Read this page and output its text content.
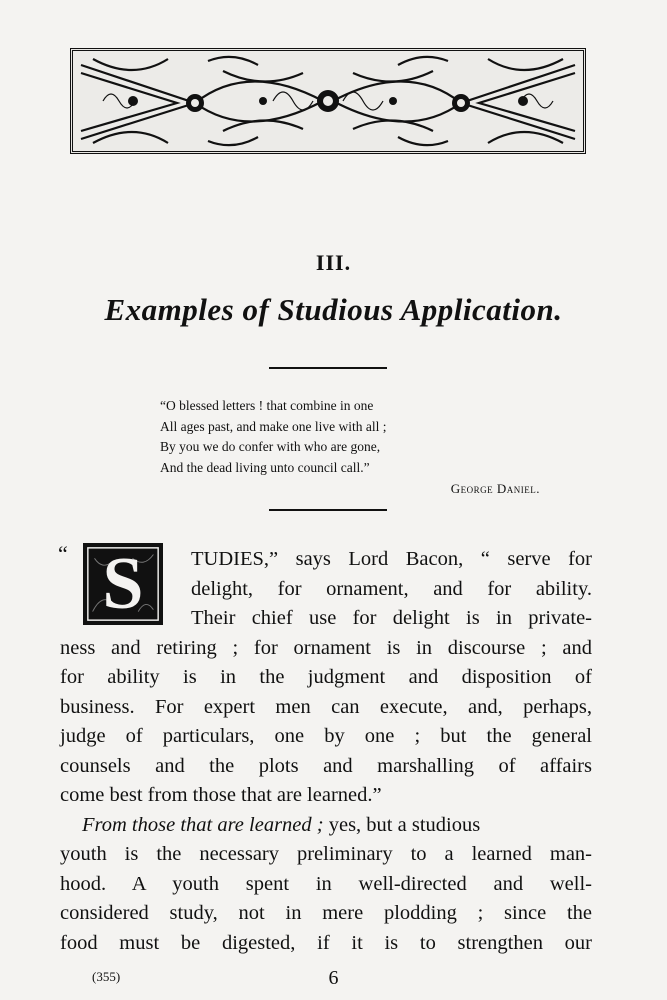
III.
Examples of Studious Application.
“O blessed letters ! that combine in one
All ages past, and make one live with all ;
By you we do confer with who are gone,
And the dead living unto council call.”
George Daniel.
“ S	TUDIES,” says Lord Bacon, “ serve for
delight, for ornament, and for ability.
Their chief use for delight is in private-
ness and retiring ; for ornament is in discourse ; and
for ability is in the judgment and disposition of
business. For expert men can execute, and, perhaps,
judge of particulars, one by one ; but the general
counsels and the plots and marshalling of affairs
come best from those that are learned.”
From those that are learned ; yes, but a studious
youth is the necessary preliminary to a learned man-
hood. A youth spent in well-directed and well-
considered study, not in mere plodding ; since the
food must be digested, if it is to strengthen our
(355)	6
